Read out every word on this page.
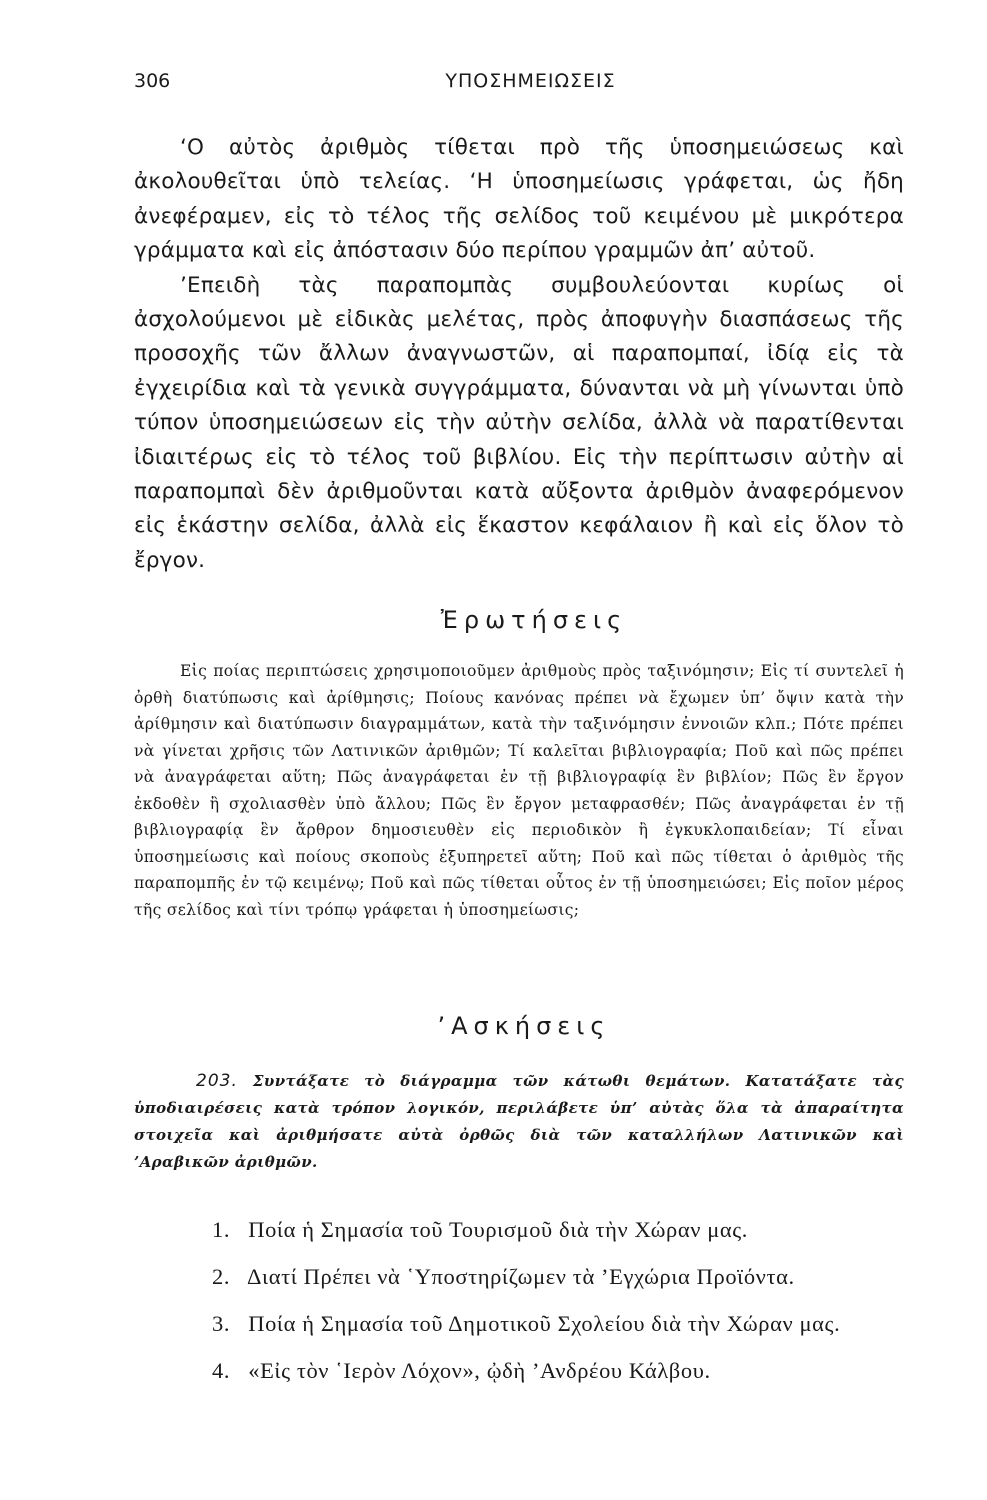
306	ΥΠΟΣΗΜΕΙΩΣΕΙΣ

‘Ο αὐτὸς ἀριθμὸς τίθεται πρὸ τῆς ὑποσημειώσεως καὶ ἀκολουθεῖται ὑπὸ τελείας. ‘Η ὑποσημείωσις γράφεται, ὡς ἤδη ἀνεφέραμεν, εἰς τὸ τέλος τῆς σελίδος τοῦ κειμένου μὲ μικρότερα γράμματα καὶ εἰς ἀπόστασιν δύο περίπου γραμμῶν ἀπ’ αὐτοῦ.

’Επειδὴ τὰς παραπομπὰς συμβουλεύονται κυρίως οἱ ἀσχολούμενοι μὲ εἰδικὰς μελέτας, πρὸς ἀποφυγὴν διασπάσεως τῆς προσοχῆς τῶν ἄλλων ἀναγνωστῶν, αἱ παραπομπαί, ἰδίᾳ εἰς τὰ ἐγχειρίδια καὶ τὰ γενικὰ συγγράμματα, δύνανται νὰ μὴ γίνωνται ὑπὸ τύπον ὑποσημειώσεων εἰς τὴν αὐτὴν σελίδα, ἀλλὰ νὰ παρατίθενται ἰδιαιτέρως εἰς τὸ τέλος τοῦ βιβλίου. Εἰς τὴν περίπτωσιν αὐτὴν αἱ παραπομπαὶ δὲν ἀριθμοῦνται κατὰ αὔξοντα ἀριθμὸν ἀναφερόμενον εἰς ἑκάστην σελίδα, ἀλλὰ εἰς ἕκαστον κεφάλαιον ἢ καὶ εἰς ὅλον τὸ ἔργον.

Ἐρωτήσεις

Εἰς ποίας περιπτώσεις χρησιμοποιοῦμεν ἀριθμοὺς πρὸς ταξινόμησιν; Εἰς τί συντελεῖ ἡ ὀρθὴ διατύπωσις καὶ ἀρίθμησις; Ποίους κανόνας πρέπει νὰ ἔχωμεν ὑπ’ ὄψιν κατὰ τὴν ἀρίθμησιν καὶ διατύπωσιν διαγραμμάτων, κατὰ τὴν ταξινόμησιν ἐννοιῶν κλπ.; Πότε πρέπει νὰ γίνεται χρῆσις τῶν Λατινικῶν ἀριθμῶν; Τί καλεῖται βιβλιογραφία; Ποῦ καὶ πῶς πρέπει νὰ ἀναγράφεται αὕτη; Πῶς ἀναγράφεται ἐν τῇ βιβλιογραφίᾳ ἓν βιβλίον; Πῶς ἓν ἔργον ἐκδοθὲν ἢ σχολιασθὲν ὑπὸ ἄλλου; Πῶς ἓν ἔργον μεταφρασθέν; Πῶς ἀναγράφεται ἐν τῇ βιβλιογραφίᾳ ἓν ἄρθρον δημοσιευθὲν εἰς περιοδικὸν ἢ ἐγκυκλοπαιδείαν; Τί εἶναι ὑποσημείωσις καὶ ποίους σκοποὺς ἐξυπηρετεῖ αὕτη; Ποῦ καὶ πῶς τίθεται ὁ ἀριθμὸς τῆς παραπομπῆς ἐν τῷ κειμένῳ; Ποῦ καὶ πῶς τίθεται οὗτος ἐν τῇ ὑποσημειώσει; Εἰς ποῖον μέρος τῆς σελίδος καὶ τίνι τρόπῳ γράφεται ἡ ὑποσημείωσις;

’Ασκήσεις

203. Συντάξατε τὸ διάγραμμα τῶν κάτωθι θεμάτων. Κατατάξατε τὰς ὑποδιαιρέσεις κατὰ τρόπον λογικόν, περιλάβετε ὑπ’ αὐτὰς ὅλα τὰ ἀπαραίτητα στοιχεῖα καὶ ἀριθμήσατε αὐτὰ ὀρθῶς διὰ τῶν καταλλήλων Λατινικῶν καὶ ’Αραβικῶν ἀριθμῶν.

1. Ποία ἡ Σημασία τοῦ Τουρισμοῦ διὰ τὴν Χώραν μας.
2. Διατί Πρέπει νὰ ῾Υποστηρίζωμεν τὰ ’Εγχώρια Προϊόντα.
3. Ποία ἡ Σημασία τοῦ Δημοτικοῦ Σχολείου διὰ τὴν Χώραν μας.
4. «Εἰς τὸν ῾Ιερὸν Λόχον», ᾠδὴ ’Ανδρέου Κάλβου.
